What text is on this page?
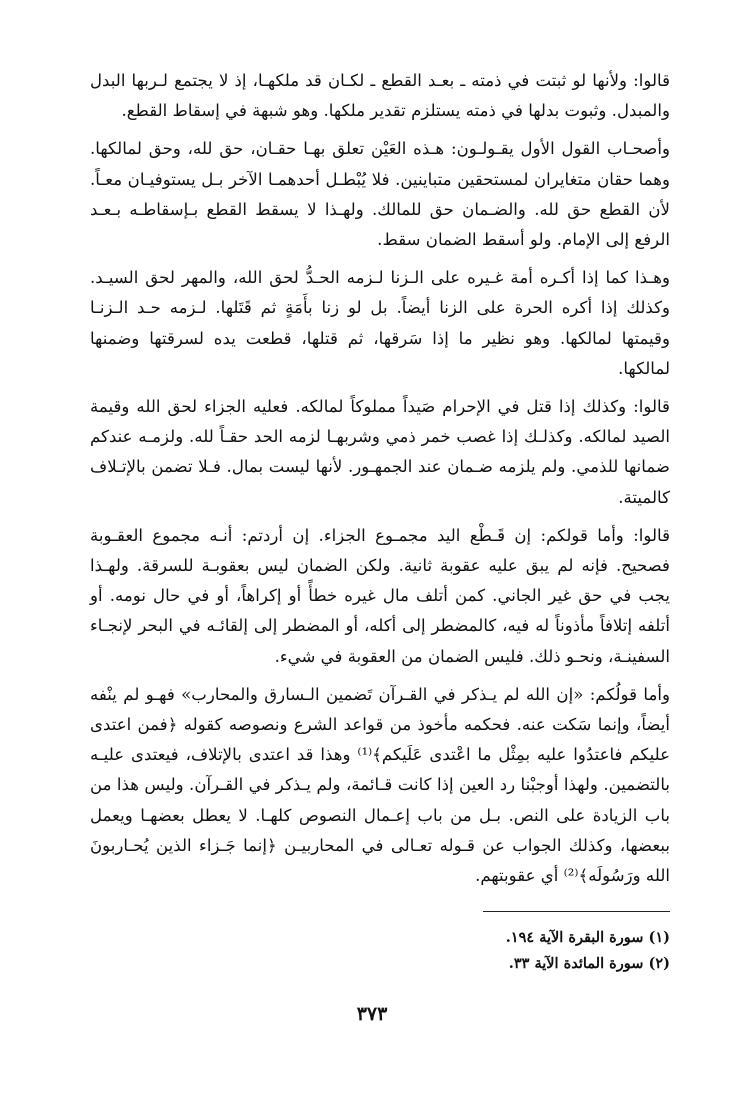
قالوا: ولأنها لو ثبتت في ذمته ـ بعـد القطع ـ لكـان قد ملكهـا، إذ لا يجتمع لـربها البدل والمبدل. وثبوت بدلها في ذمته يستلزم تقدير ملكها. وهو شبهة في إسقاط القطع.

وأصحـاب القول الأول يقـولـون: هـذه العَيْن تعلق بهـا حقـان، حق لله، وحق لمالكها. وهما حقان متغايران لمستحقين متباينين. فلا يُبْطـل أحدهمـا الآخر بـل يستوفيـان معـاً. لأن القطع حق لله. والضـمان حق للمالك. ولهـذا لا يسقط القطع بـإسقاطـه بـعـد الرفع إلى الإمام. ولو أسقط الضمان سقط.

وهـذا كما إذا أكـره أمة غـيره على الـزنا لـزمه الحـدُّ لحق الله، والمهر لحق السيـد. وكذلك إذا أكره الحرة على الزنا أيضاً. بل لو زنا بأَمَةٍ ثم قَتَلها. لـزمه حـد الـزنـا وقيمتها لمالكها. وهو نظير ما إذا سَرقها، ثم قتلها، قطعت يده لسرقتها وضمنها لمالكها.

قالوا: وكذلك إذا قتل في الإحرام صَيداً مملوكاً لمالكه. فعليه الجزاء لحق الله وقيمة الصيد لمالكه. وكذلـك إذا غصب خمر ذمي وشربهـا لزمه الحد حقـاً لله. ولزمـه عندكم ضمانها للذمي. ولم يلزمه ضـمان عند الجمهـور. لأنها ليست بمال. فـلا تضمن بالإتـلاف كالميتة.

قالوا: وأما قولكم: إن قَـطْع اليد مجمـوع الجزاء. إن أردتم: أنـه مجموع العقـوبة فصحيح. فإنه لم يبق عليه عقوبة ثانية. ولكن الضمان ليس بعقوبـة للسرقة. ولهـذا يجب في حق غير الجاني. كمن أتلف مال غيره خطأً أو إكراهاً، أو في حال نومه. أو أتلفه إتلافاً مأذوناً له فيه، كالمضطر إلى أكله، أو المضطر إلى إلقائـه في البحر لإنجـاء السفينـة، ونحـو ذلك. فليس الضمان من العقوبة في شيء.

وأما قولُكم: «إن الله لم يـذكر في القـرآن تَضمين الـسارق والمحارب» فهـو لم ينْفه أيضاً، وإنما سَكت عنه. فحكمه مأخوذ من قواعد الشرع ونصوصه كقوله ﴿فمن اعتدى عليكم فاعتدُوا عليه بمِثْل ما اعْتدى عَلَيكم﴾⁽¹⁾ وهذا قد اعتدى بالإتلاف، فيعتدى عليـه بالتضمين. ولهذا أوجبْنا رد العين إذا كانت قـائمة، ولم يـذكر في القـرآن. وليس هذا من باب الزيادة على النص. بـل من باب إعـمال النصوص كلهـا. لا يعطل بعضهـا ويعمل ببعضها، وكذلك الجواب عن قـوله تعـالى في المحاربيـن ﴿إنما جَـزاء الذين يُحـاربونَ الله ورَسُولَه﴾⁽²⁾ أي عقوبتهم.

(١) سورة البقرة الآية ١٩٤.
(٢) سورة المائدة الآية ٣٣.
٣٧٣
